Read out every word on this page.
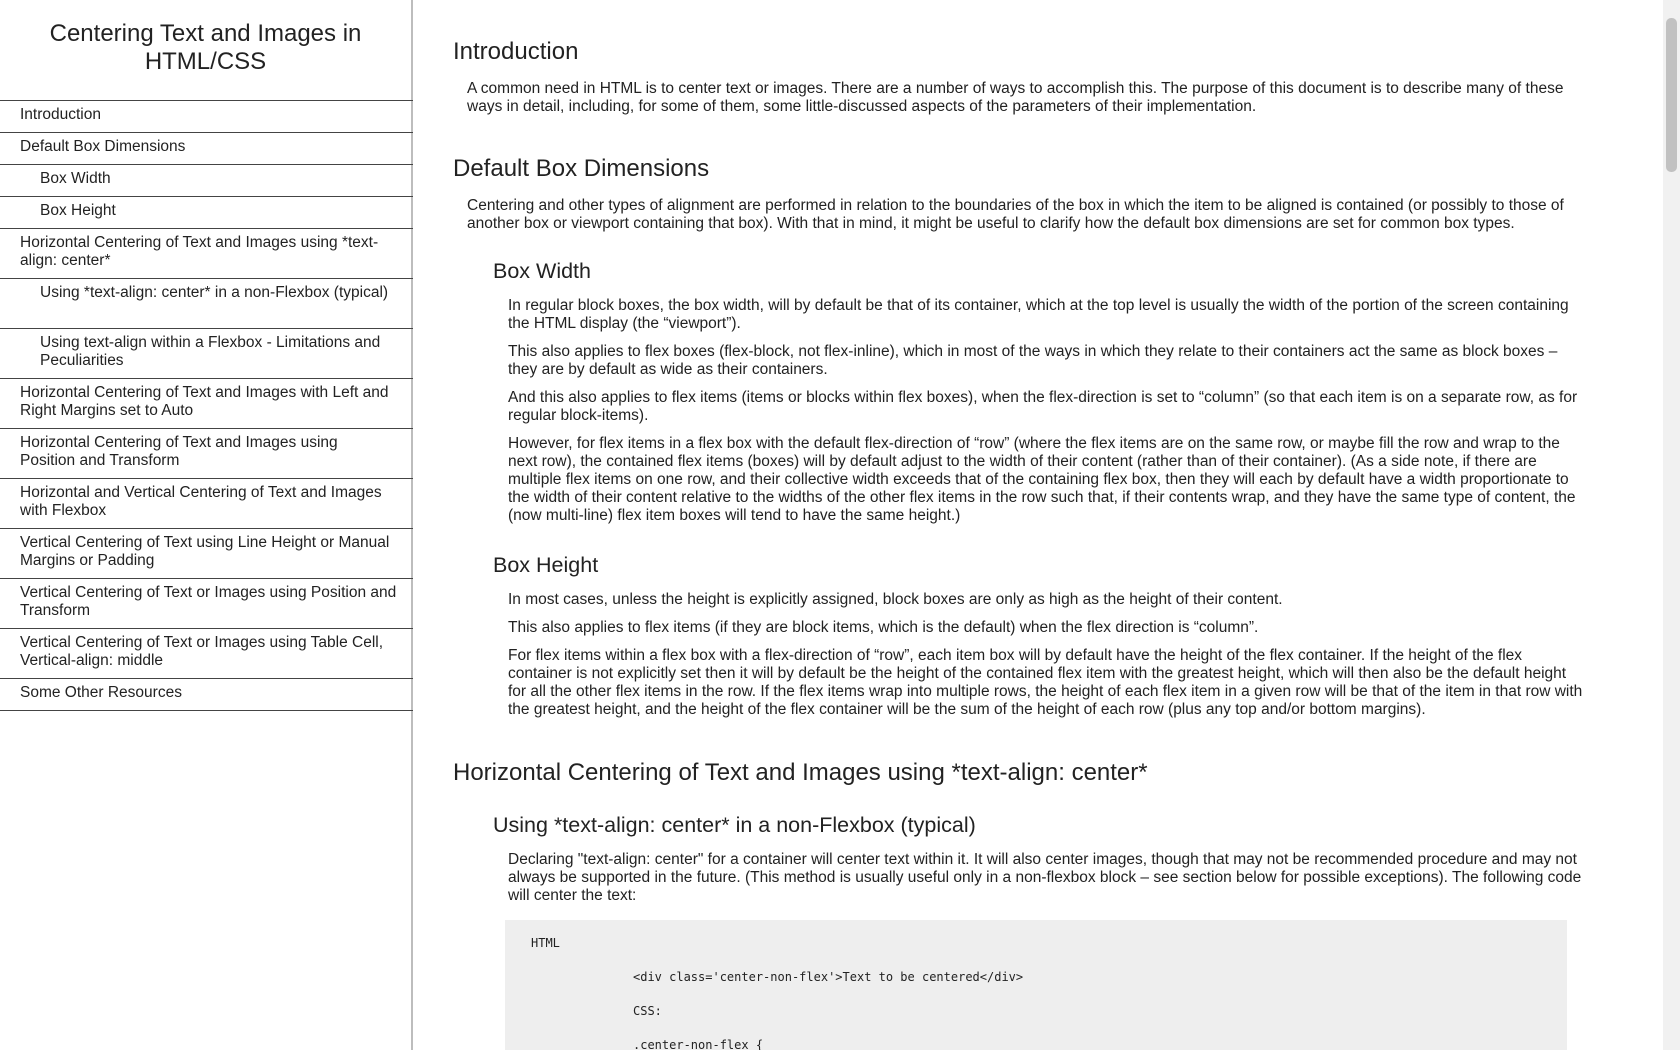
Centering Text and Images in HTML/CSS
Introduction
Default Box Dimensions
Box Width
Box Height
Horizontal Centering of Text and Images using *text-align: center*
Using *text-align: center* in a non-Flexbox (typical)
Using text-align within a Flexbox - Limitations and Peculiarities
Horizontal Centering of Text and Images with Left and Right Margins set to Auto
Horizontal Centering of Text and Images using Position and Transform
Horizontal and Vertical Centering of Text and Images with Flexbox
Vertical Centering of Text using Line Height or Manual Margins or Padding
Vertical Centering of Text or Images using Position and Transform
Vertical Centering of Text or Images using Table Cell, Vertical-align: middle
Some Other Resources
Introduction

A common need in HTML is to center text or images. There are a number of ways to accomplish this. The purpose of this document is to describe many of these ways in detail, including, for some of them, some little-discussed aspects of the parameters of their implementation.

Default Box Dimensions

Centering and other types of alignment are performed in relation to the boundaries of the box in which the item to be aligned is contained (or possibly to those of another box or viewport containing that box). With that in mind, it might be useful to clarify how the default box dimensions are set for common box types.

Box Width

In regular block boxes, the box width, will by default be that of its container, which at the top level is usually the width of the portion of the screen containing the HTML display (the “viewport”).

This also applies to flex boxes (flex-block, not flex-inline), which in most of the ways in which they relate to their containers act the same as block boxes – they are by default as wide as their containers.

And this also applies to flex items (items or blocks within flex boxes), when the flex-direction is set to “column” (so that each item is on a separate row, as for regular block-items).

However, for flex items in a flex box with the default flex-direction of “row” (where the flex items are on the same row, or maybe fill the row and wrap to the next row), the contained flex items (boxes) will by default adjust to the width of their content (rather than of their container). (As a side note, if there are multiple flex items on one row, and their collective width exceeds that of the containing flex box, then they will each by default have a width proportionate to the width of their content relative to the widths of the other flex items in the row such that, if their contents wrap, and they have the same type of content, the (now multi-line) flex item boxes will tend to have the same height.)

Box Height

In most cases, unless the height is explicitly assigned, block boxes are only as high as the height of their content.

This also applies to flex items (if they are block items, which is the default) when the flex direction is “column”.

For flex items within a flex box with a flex-direction of “row”, each item box will by default have the height of the flex container. If the height of the flex container is not explicitly set then it will by default be the height of the contained flex item with the greatest height, which will then also be the default height for all the other flex items in the row. If the flex items wrap into multiple rows, the height of each flex item in a given row will be that of the item in that row with the greatest height, and the height of the flex container will be the sum of the height of each row (plus any top and/or bottom margins).

Horizontal Centering of Text and Images using *text-align: center*
Using *text-align: center* in a non-Flexbox (typical)

Declaring "text-align: center" for a container will center text within it. It will also center images, though that may not be recommended procedure and may not always be supported in the future. (This method is usually useful only in a non-flexbox block – see section below for possible exceptions). The following code will center the text:

HTML
<div class='center-non-flex'>Text to be centered</div>
CSS:
.center-non-flex {
